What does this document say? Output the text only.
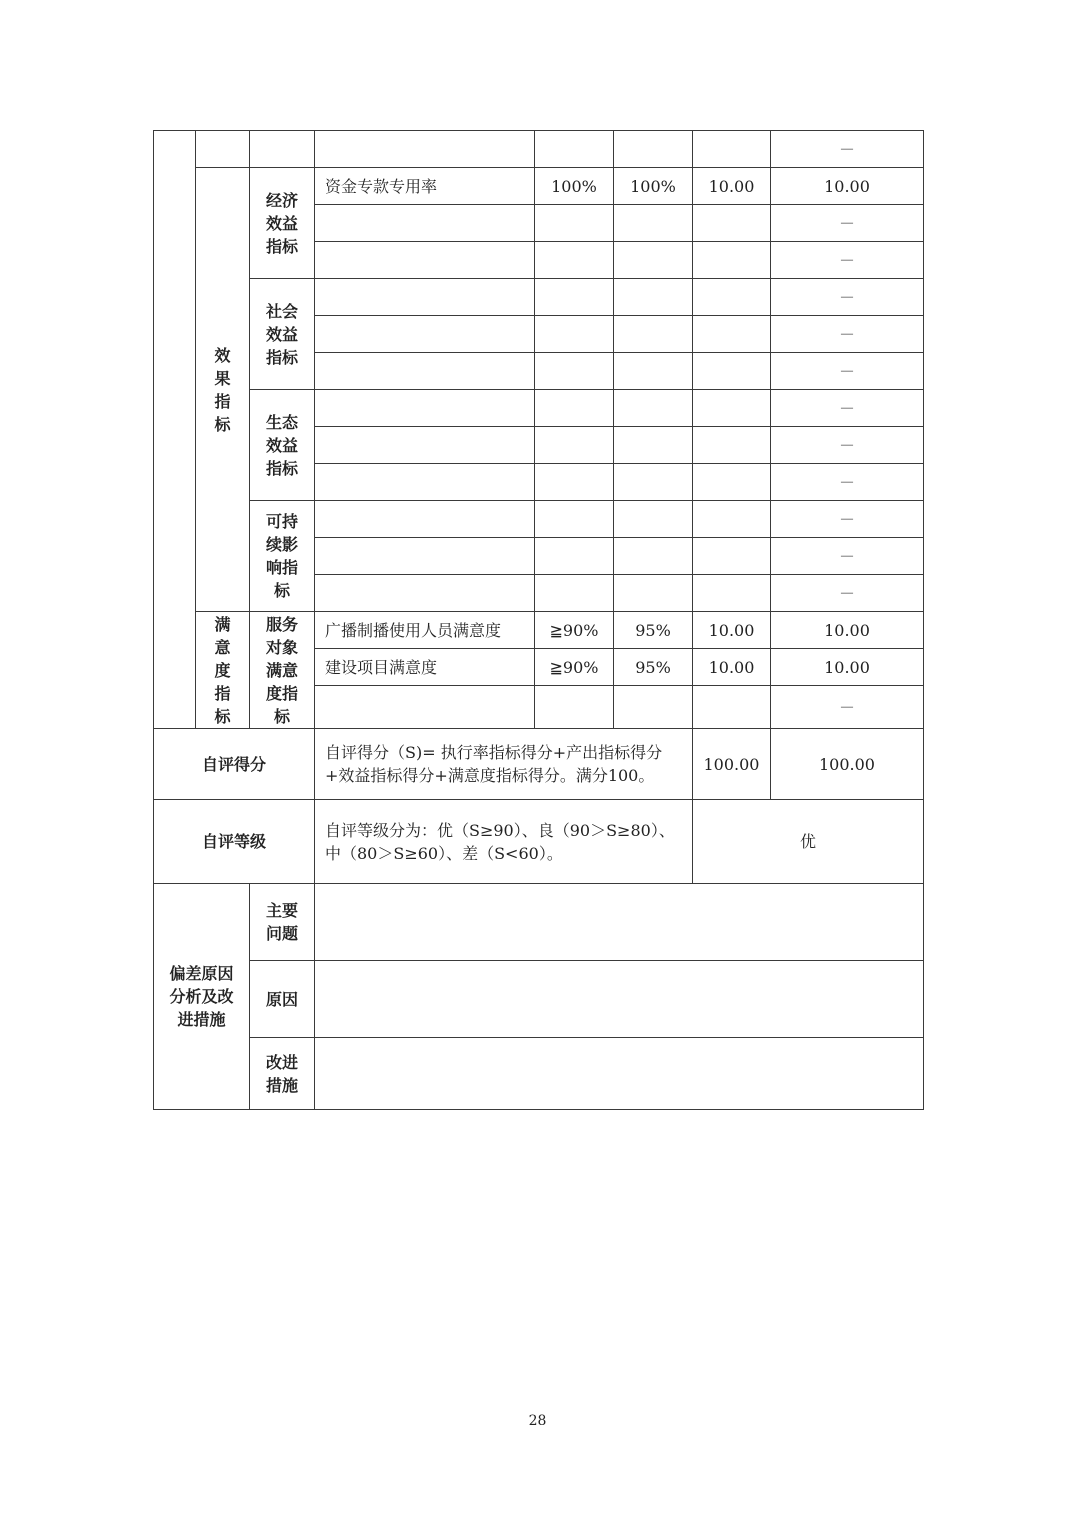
							－
	效果指标	经济效益指标	资金专款专用率	100%	100%	10.00	10.00
							－
							－
		社会效益指标					－
							－
							－
		生态效益指标					－
							－
							－
		可持续影响指标					－
							－
							－
	满意度指标	服务对象满意度指标	广播制播使用人员满意度	≧90%	95%	10.00	10.00
			建设项目满意度	≧90%	95%	10.00	10.00
							－
自评得分			自评得分（S)= 执行率指标得分+产出指标得分+效益指标得分+满意度指标得分。满分100。			100.00	100.00
自评等级			自评等级分为：优（S≥90）、良（90＞S≥80）、中（80＞S≥60）、差（S<60）。			优	
偏差原因分析及改进措施		主要问题					
		原因					
		改进措施					
28
